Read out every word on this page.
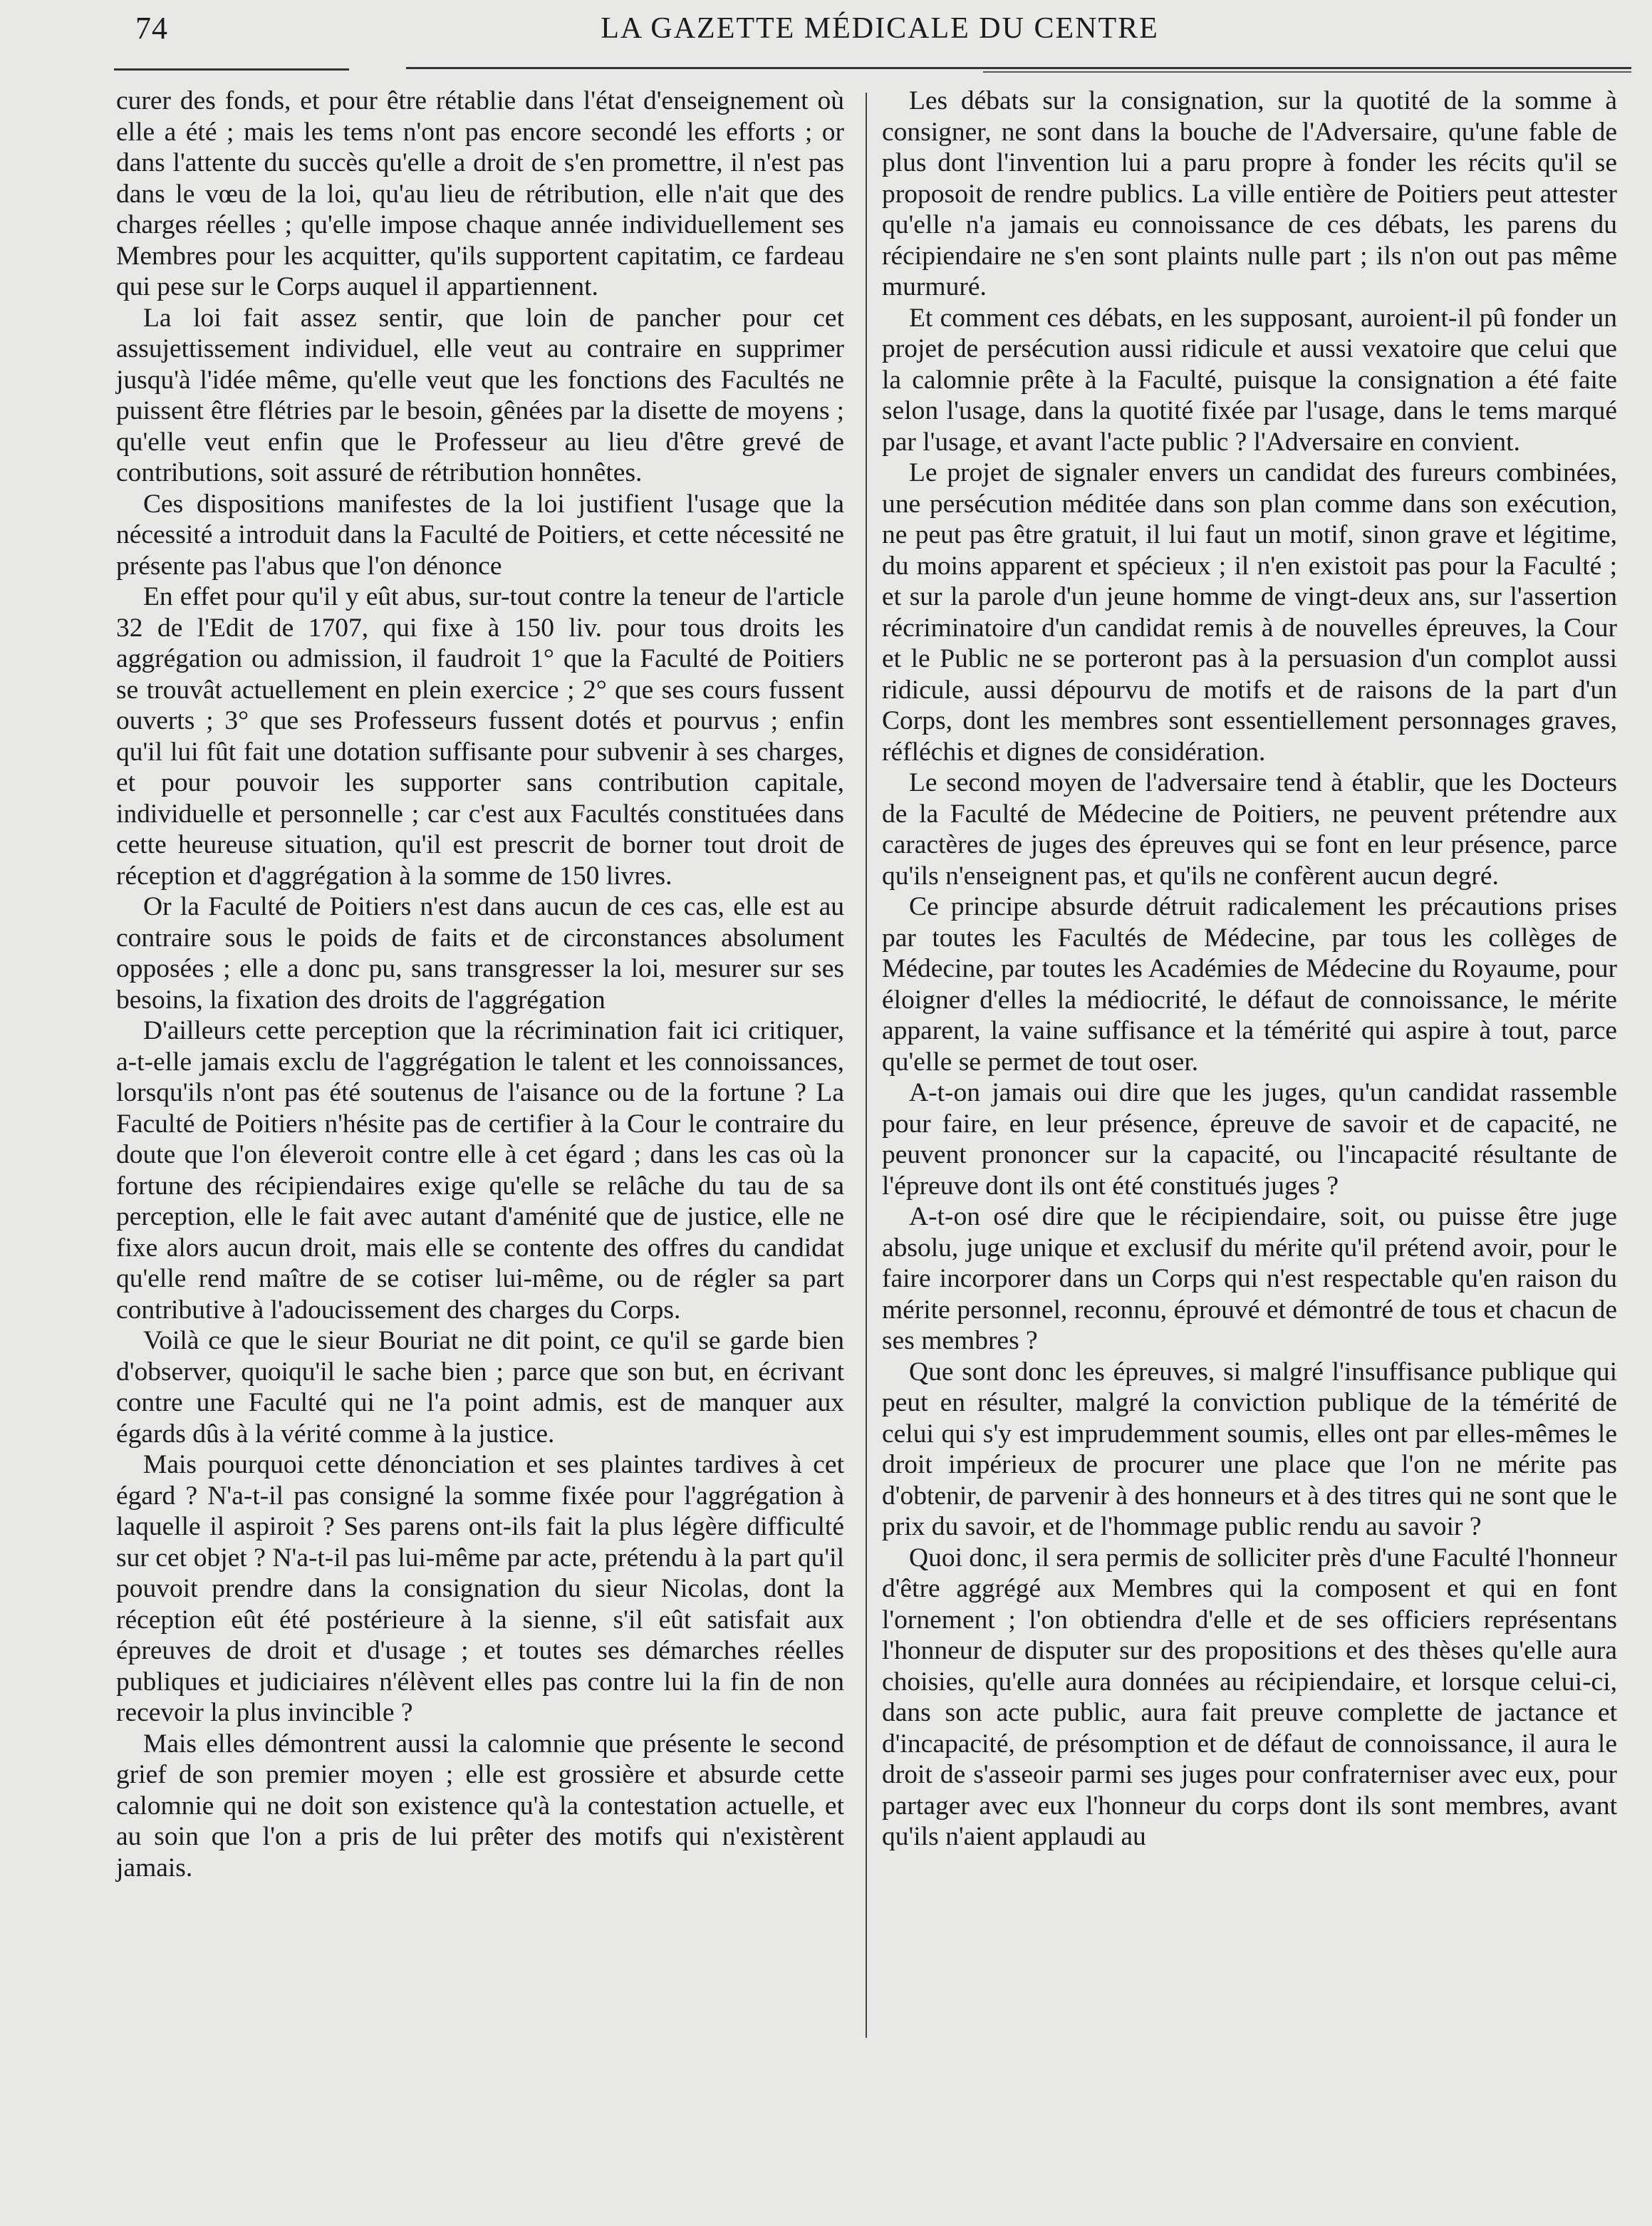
74	LA GAZETTE MÉDICALE DU CENTRE

curer des fonds, et pour être rétablie dans l'état d'enseignement où elle a été ; mais les tems n'ont pas encore secondé les efforts ; or dans l'attente du succès qu'elle a droit de s'en promettre, il n'est pas dans le vœu de la loi, qu'au lieu de rétribution, elle n'ait que des charges réelles ; qu'elle impose chaque année individuellement ses Membres pour les acquitter, qu'ils supportent capitatim, ce fardeau qui pese sur le Corps auquel il appartiennent.

La loi fait assez sentir, que loin de pancher pour cet assujettissement individuel, elle veut au contraire en supprimer jusqu'à l'idée même, qu'elle veut que les fonctions des Facultés ne puissent être flétries par le besoin, gênées par la disette de moyens ; qu'elle veut enfin que le Professeur au lieu d'être grevé de contributions, soit assuré de rétribution honnêtes.

Ces dispositions manifestes de la loi justifient l'usage que la nécessité a introduit dans la Faculté de Poitiers, et cette nécessité ne présente pas l'abus que l'on dénonce

En effet pour qu'il y eût abus, sur-tout contre la teneur de l'article 32 de l'Edit de 1707, qui fixe à 150 liv. pour tous droits les aggrégation ou admission, il faudroit 1° que la Faculté de Poitiers se trouvât actuellement en plein exercice ; 2° que ses cours fussent ouverts ; 3° que ses Professeurs fussent dotés et pourvus ; enfin qu'il lui fût fait une dotation suffisante pour subvenir à ses charges, et pour pouvoir les supporter sans contribution capitale, individuelle et personnelle ; car c'est aux Facultés constituées dans cette heureuse situation, qu'il est prescrit de borner tout droit de réception et d'aggrégation à la somme de 150 livres.

Or la Faculté de Poitiers n'est dans aucun de ces cas, elle est au contraire sous le poids de faits et de circonstances absolument opposées ; elle a donc pu, sans transgresser la loi, mesurer sur ses besoins, la fixation des droits de l'aggrégation

D'ailleurs cette perception que la récrimination fait ici critiquer, a-t-elle jamais exclu de l'aggrégation le talent et les connoissances, lorsqu'ils n'ont pas été soutenus de l'aisance ou de la fortune ? La Faculté de Poitiers n'hésite pas de certifier à la Cour le contraire du doute que l'on éleveroit contre elle à cet égard ; dans les cas où la fortune des récipiendaires exige qu'elle se relâche du tau de sa perception, elle le fait avec autant d'aménité que de justice, elle ne fixe alors aucun droit, mais elle se contente des offres du candidat qu'elle rend maître de se cotiser lui-même, ou de régler sa part contributive à l'adoucissement des charges du Corps.

Voilà ce que le sieur Bouriat ne dit point, ce qu'il se garde bien d'observer, quoiqu'il le sache bien ; parce que son but, en écrivant contre une Faculté qui ne l'a point admis, est de manquer aux égards dûs à la vérité comme à la justice.

Mais pourquoi cette dénonciation et ses plaintes tardives à cet égard ? N'a-t-il pas consigné la somme fixée pour l'aggrégation à laquelle il aspiroit ? Ses parens ont-ils fait la plus légère difficulté sur cet objet ? N'a-t-il pas lui-même par acte, prétendu à la part qu'il pouvoit prendre dans la consignation du sieur Nicolas, dont la réception eût été postérieure à la sienne, s'il eût satisfait aux épreuves de droit et d'usage ; et toutes ses démarches réelles publiques et judiciaires n'élèvent elles pas contre lui la fin de non recevoir la plus invincible ?

Mais elles démontrent aussi la calomnie que présente le second grief de son premier moyen ; elle est grossière et absurde cette calomnie qui ne doit son existence qu'à la contestation actuelle, et au soin que l'on a pris de lui prêter des motifs qui n'existèrent jamais.

Les débats sur la consignation, sur la quotité de la somme à consigner, ne sont dans la bouche de l'Adversaire, qu'une fable de plus dont l'invention lui a paru propre à fonder les récits qu'il se proposoit de rendre publics. La ville entière de Poitiers peut attester qu'elle n'a jamais eu connoissance de ces débats, les parens du récipiendaire ne s'en sont plaints nulle part ; ils n'on out pas même murmuré.

Et comment ces débats, en les supposant, auroient-il pû fonder un projet de persécution aussi ridicule et aussi vexatoire que celui que la calomnie prête à la Faculté, puisque la consignation a été faite selon l'usage, dans la quotité fixée par l'usage, dans le tems marqué par l'usage, et avant l'acte public ? l'Adversaire en convient.

Le projet de signaler envers un candidat des fureurs combinées, une persécution méditée dans son plan comme dans son exécution, ne peut pas être gratuit, il lui faut un motif, sinon grave et légitime, du moins apparent et spécieux ; il n'en existoit pas pour la Faculté ; et sur la parole d'un jeune homme de vingt-deux ans, sur l'assertion récriminatoire d'un candidat remis à de nouvelles épreuves, la Cour et le Public ne se porteront pas à la persuasion d'un complot aussi ridicule, aussi dépourvu de motifs et de raisons de la part d'un Corps, dont les membres sont essentiellement personnages graves, réfléchis et dignes de considération.

Le second moyen de l'adversaire tend à établir, que les Docteurs de la Faculté de Médecine de Poitiers, ne peuvent prétendre aux caractères de juges des épreuves qui se font en leur présence, parce qu'ils n'enseignent pas, et qu'ils ne confèrent aucun degré.

Ce principe absurde détruit radicalement les précautions prises par toutes les Facultés de Médecine, par tous les collèges de Médecine, par toutes les Académies de Médecine du Royaume, pour éloigner d'elles la médiocrité, le défaut de connoissance, le mérite apparent, la vaine suffisance et la témérité qui aspire à tout, parce qu'elle se permet de tout oser.

A-t-on jamais oui dire que les juges, qu'un candidat rassemble pour faire, en leur présence, épreuve de savoir et de capacité, ne peuvent prononcer sur la capacité, ou l'incapacité résultante de l'épreuve dont ils ont été constitués juges ?

A-t-on osé dire que le récipiendaire, soit, ou puisse être juge absolu, juge unique et exclusif du mérite qu'il prétend avoir, pour le faire incorporer dans un Corps qui n'est respectable qu'en raison du mérite personnel, reconnu, éprouvé et démontré de tous et chacun de ses membres ?

Que sont donc les épreuves, si malgré l'insuffisance publique qui peut en résulter, malgré la conviction publique de la témérité de celui qui s'y est imprudemment soumis, elles ont par elles-mêmes le droit impérieux de procurer une place que l'on ne mérite pas d'obtenir, de parvenir à des honneurs et à des titres qui ne sont que le prix du savoir, et de l'hommage public rendu au savoir ?

Quoi donc, il sera permis de solliciter près d'une Faculté l'honneur d'être aggrégé aux Membres qui la composent et qui en font l'ornement ; l'on obtiendra d'elle et de ses officiers représentans l'honneur de disputer sur des propositions et des thèses qu'elle aura choisies, qu'elle aura données au récipiendaire, et lorsque celui-ci, dans son acte public, aura fait preuve complette de jactance et d'incapacité, de présomption et de défaut de connoissance, il aura le droit de s'asseoir parmi ses juges pour confraterniser avec eux, pour partager avec eux l'honneur du corps dont ils sont membres, avant qu'ils n'aient applaudi au
